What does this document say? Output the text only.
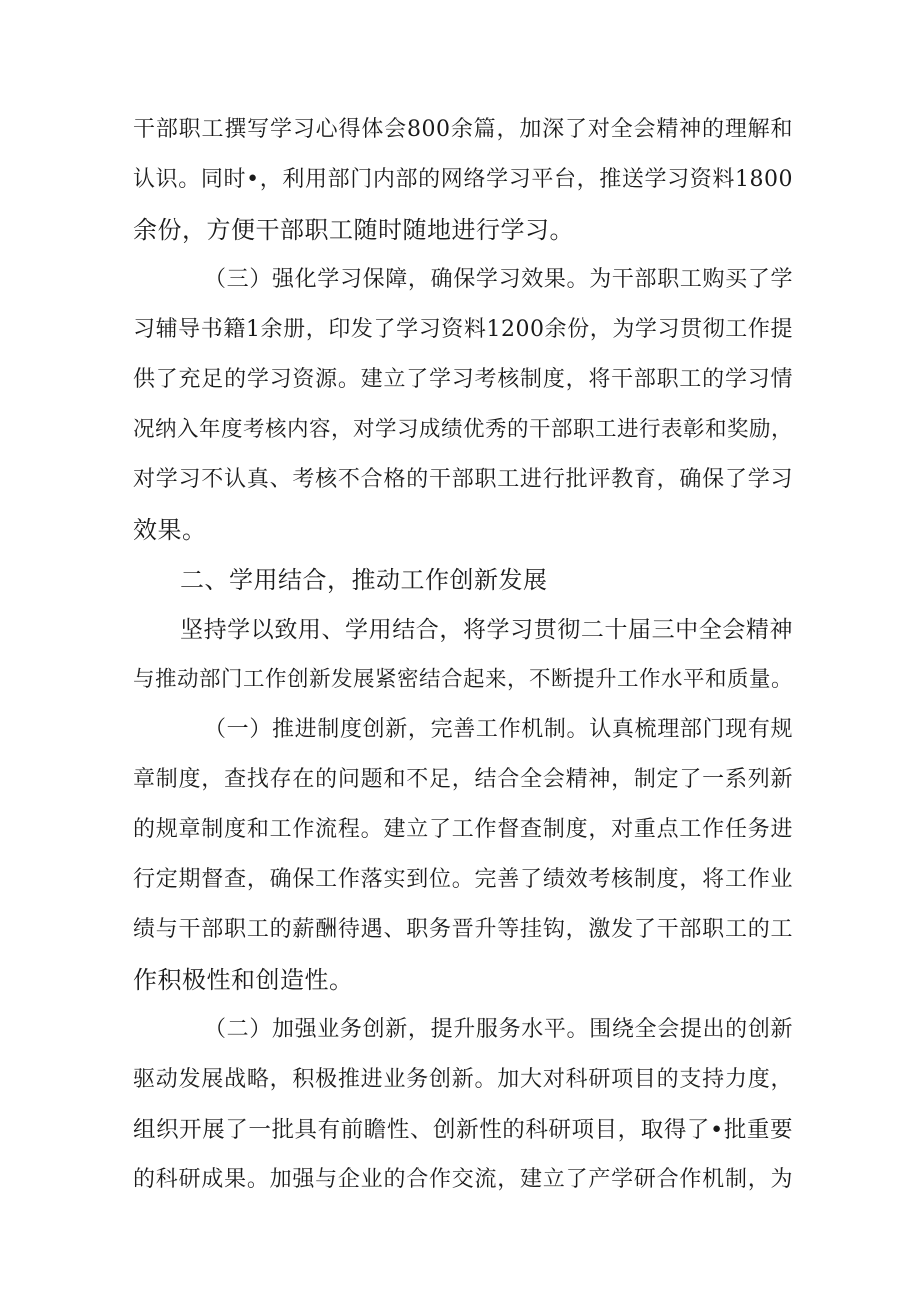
干部职工撰写学习心得体会800余篇，加深了对全会精神的理解和
认识。同时•，利用部门内部的网络学习平台，推送学习资料1800
余份，方便干部职工随时随地进行学习。
（三）强化学习保障，确保学习效果。为干部职工购买了学
习辅导书籍1余册，印发了学习资料1200余份，为学习贯彻工作提
供了充足的学习资源。建立了学习考核制度，将干部职工的学习情
况纳入年度考核内容，对学习成绩优秀的干部职工进行表彰和奖励，
对学习不认真、考核不合格的干部职工进行批评教育，确保了学习
效果。
二、学用结合，推动工作创新发展
坚持学以致用、学用结合，将学习贯彻二十届三中全会精神
与推动部门工作创新发展紧密结合起来，不断提升工作水平和质量。
（一）推进制度创新，完善工作机制。认真梳理部门现有规
章制度，查找存在的问题和不足，结合全会精神，制定了一系列新
的规章制度和工作流程。建立了工作督查制度，对重点工作任务进
行定期督查，确保工作落实到位。完善了绩效考核制度，将工作业
绩与干部职工的薪酬待遇、职务晋升等挂钩，激发了干部职工的工
作积极性和创造性。
（二）加强业务创新，提升服务水平。围绕全会提出的创新
驱动发展战略，积极推进业务创新。加大对科研项目的支持力度，
组织开展了一批具有前瞻性、创新性的科研项目，取得了•批重要
的科研成果。加强与企业的合作交流，建立了产学研合作机制，为
